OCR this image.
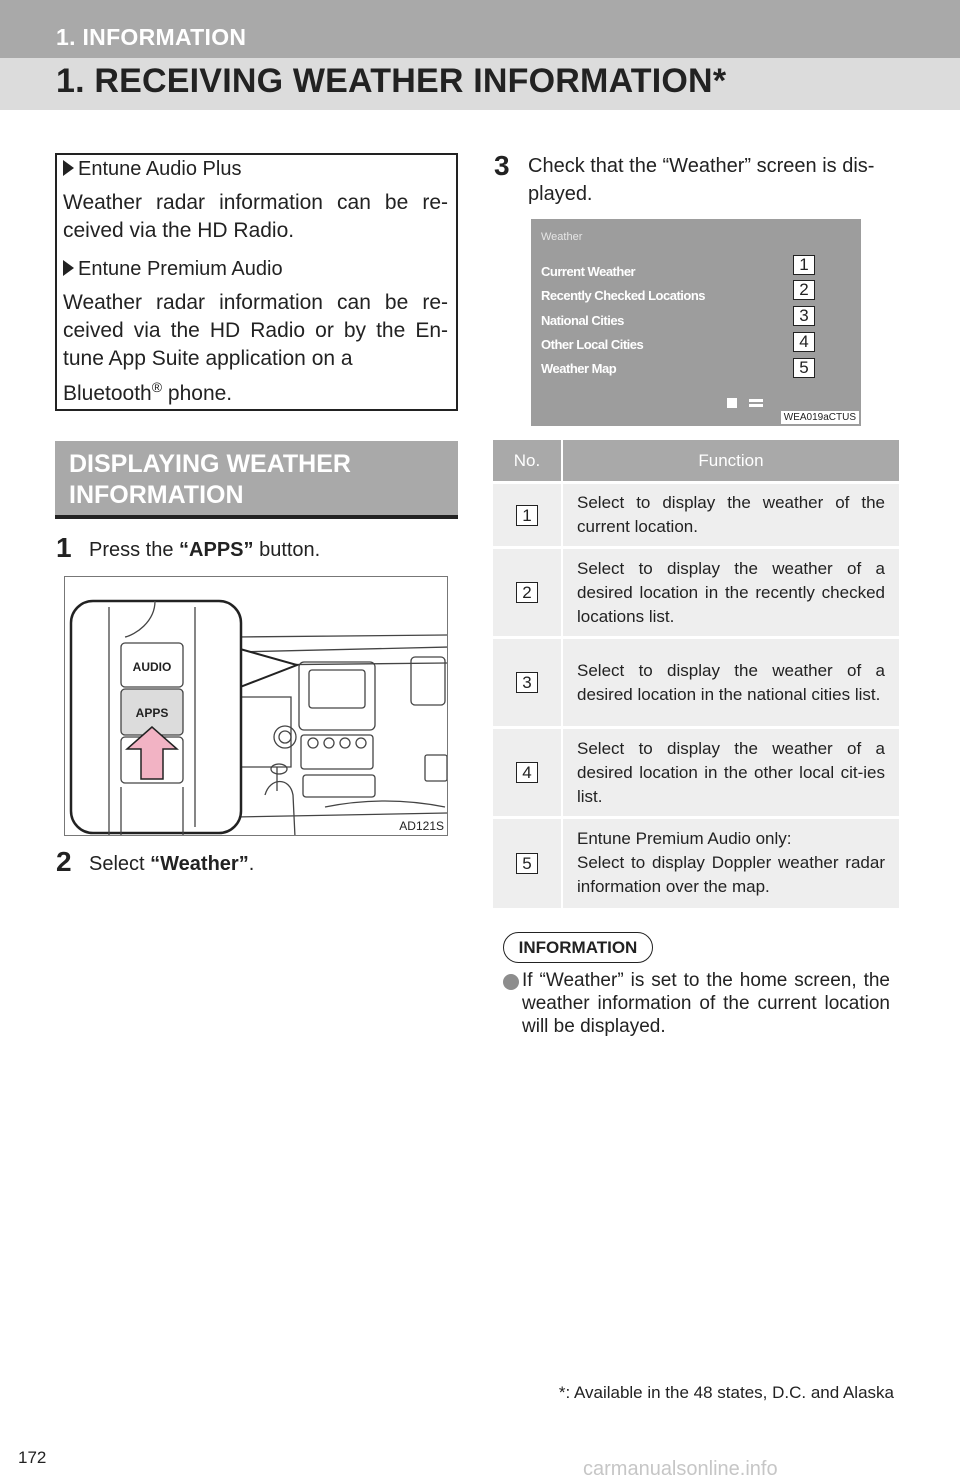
1. INFORMATION
1. RECEIVING WEATHER INFORMATION*
Entune Audio Plus
Weather radar information can be re-ceived via the HD Radio.
Entune Premium Audio
Weather radar information can be re-ceived via the HD Radio or by the En-tune App Suite application on a
Bluetooth® phone.
DISPLAYING WEATHER
INFORMATION
1 Press the “APPS” button.
AUDIO
APPS
AD121S
2 Select “Weather”.
3 Check that the “Weather” screen is dis-
played.
Weather
Current Weather
Recently Checked Locations
National Cities
Other Local Cities
Weather Map
1
2
3
4
5
WEA019aCTUS
No.	Function
1	Select to display the weather of the current location.
2	Select to display the weather of a desired location in the recently checked locations list.
3	Select to display the weather of a desired location in the national cities list.
4	Select to display the weather of a desired location in the other local cit-ies list.
5	Entune Premium Audio only:
Select to display Doppler weather radar information over the map.
INFORMATION
If “Weather” is set to the home screen, the weather information of the current location will be displayed.
*: Available in the 48 states, D.C. and Alaska
172
carmanualsonline.info
